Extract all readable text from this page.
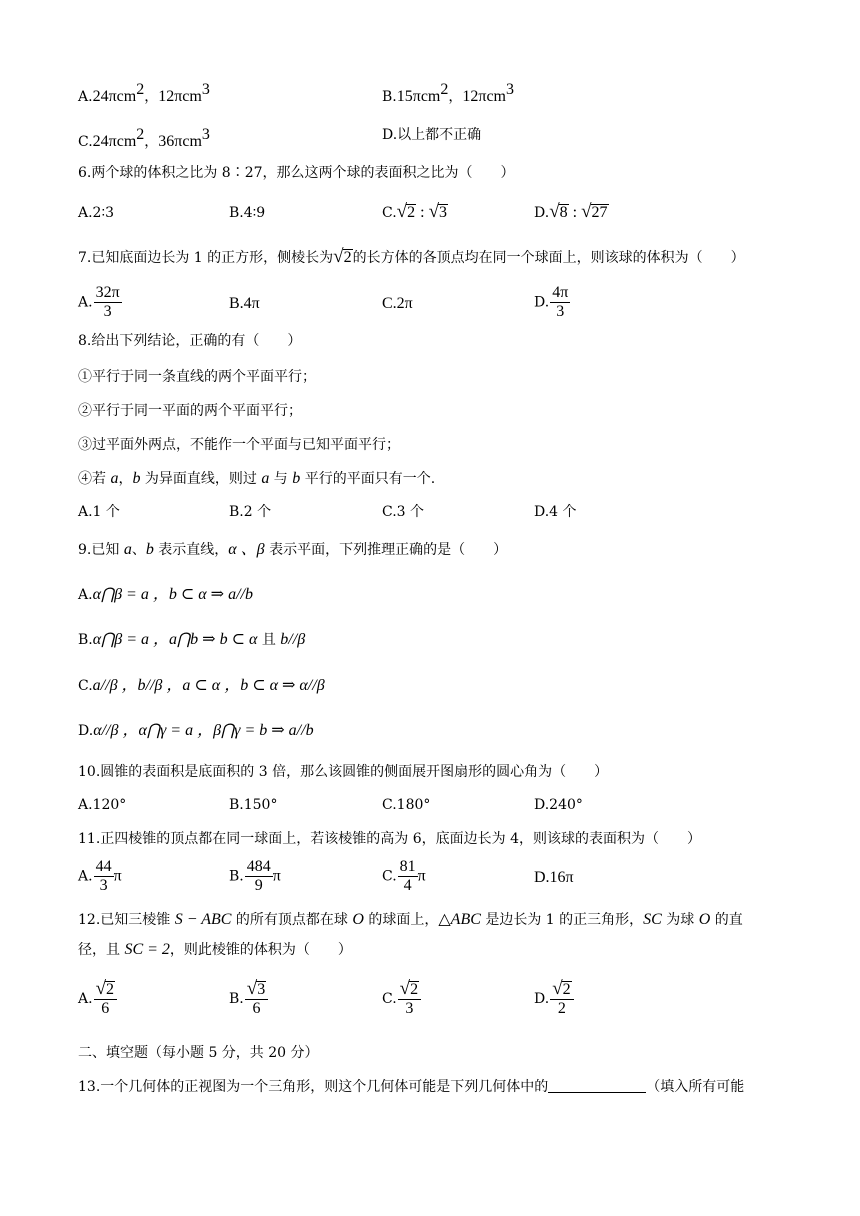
A.24πcm$^2$，12πcm$^3$	B.15πcm$^2$，12πcm$^3$
C.24πcm$^2$，36πcm$^3$	D.以上都不正确
6.两个球的体积之比为 8∶27，那么这两个球的表面积之比为（　　）
A.2∶3	B.4∶9	C. √ 2 : √ 3	D. √ 8 : √ 27
7.已知底面边长为 1 的正方形，侧棱长为 √ 2 的长方体的各顶点均在同一个球面上，则该球的体积为（　　）
A. $\frac{32\pi}{3}$	B.4π	C.2π	D. $\frac{4\pi}{3}$
8.给出下列结论，正确的有（　　）
①平行于同一条直线的两个平面平行；
②平行于同一平面的两个平面平行；
③过平面外两点，不能作一个平面与已知平面平行；
④若 a，b 为异面直线，则过 a 与 b 平行的平面只有一个.
A.1 个	B.2 个	C.3 个	D.4 个
9.已知 a、b 表示直线，α 、β 表示平面，下列推理正确的是（　　）
A.α⋂β = a ，b ⊂ α ⇒ a//b
B.α⋂β = a ，a⋂b ⇒ b ⊂ α 且 b//β
C.a//β ，b//β ，a ⊂ α ，b ⊂ α ⇒ α//β
D.α//β ，α⋂γ = a ，β⋂γ = b ⇒ a//b
10.圆锥的表面积是底面积的 3 倍，那么该圆锥的侧面展开图扇形的圆心角为（　　）
A.120°	B.150°	C.180°	D.240°
11.正四棱锥的顶点都在同一球面上，若该棱锥的高为 6，底面边长为 4，则该球的表面积为（　　）
A. $\frac{44}{3}$ π	B. $\frac{484}{9}$ π	C. $\frac{81}{4}$ π	D.16π
12.已知三棱锥 S − ABC 的所有顶点都在球 O 的球面上，△ABC 是边长为 1 的正三角形，SC 为球 O 的直
径，且 SC = 2，则此棱锥的体积为（　　）
A. $\frac{√ 2}{6}$	B. $\frac{√ 3}{6}$	C. $\frac{√ 2}{3}$	D. $\frac{√ 2}{2}$
二、填空题（每小题 5 分，共 20 分）
13.一个几何体的正视图为一个三角形，则这个几何体可能是下列几何体中的	（填入所有可能
